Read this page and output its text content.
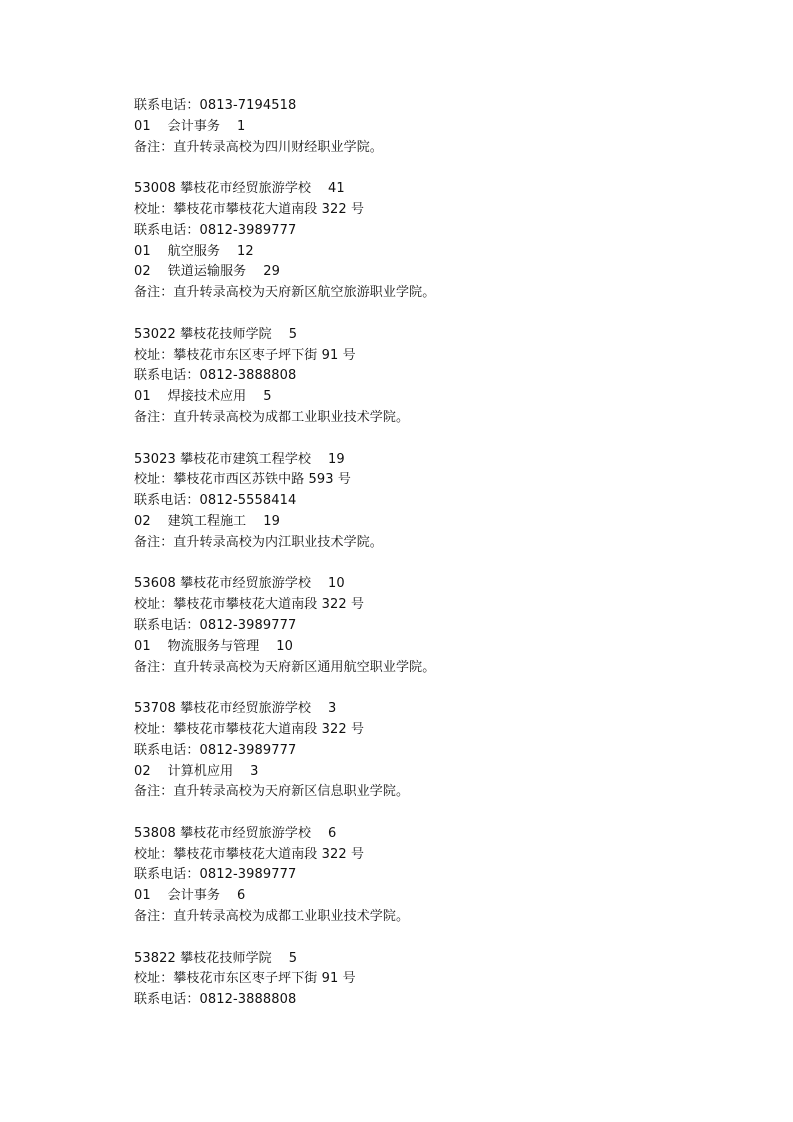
联系电话：0813-7194518
01    会计事务    1
备注：直升转录高校为四川财经职业学院。
53008 攀枝花市经贸旅游学校    41
校址：攀枝花市攀枝花大道南段 322 号
联系电话：0812-3989777
01    航空服务    12
02    铁道运输服务    29
备注：直升转录高校为天府新区航空旅游职业学院。
53022 攀枝花技师学院    5
校址：攀枝花市东区枣子坪下街 91 号
联系电话：0812-3888808
01    焊接技术应用    5
备注：直升转录高校为成都工业职业技术学院。
53023 攀枝花市建筑工程学校    19
校址：攀枝花市西区苏铁中路 593 号
联系电话：0812-5558414
02    建筑工程施工    19
备注：直升转录高校为内江职业技术学院。
53608 攀枝花市经贸旅游学校    10
校址：攀枝花市攀枝花大道南段 322 号
联系电话：0812-3989777
01    物流服务与管理    10
备注：直升转录高校为天府新区通用航空职业学院。
53708 攀枝花市经贸旅游学校    3
校址：攀枝花市攀枝花大道南段 322 号
联系电话：0812-3989777
02    计算机应用    3
备注：直升转录高校为天府新区信息职业学院。
53808 攀枝花市经贸旅游学校    6
校址：攀枝花市攀枝花大道南段 322 号
联系电话：0812-3989777
01    会计事务    6
备注：直升转录高校为成都工业职业技术学院。
53822 攀枝花技师学院    5
校址：攀枝花市东区枣子坪下街 91 号
联系电话：0812-3888808
